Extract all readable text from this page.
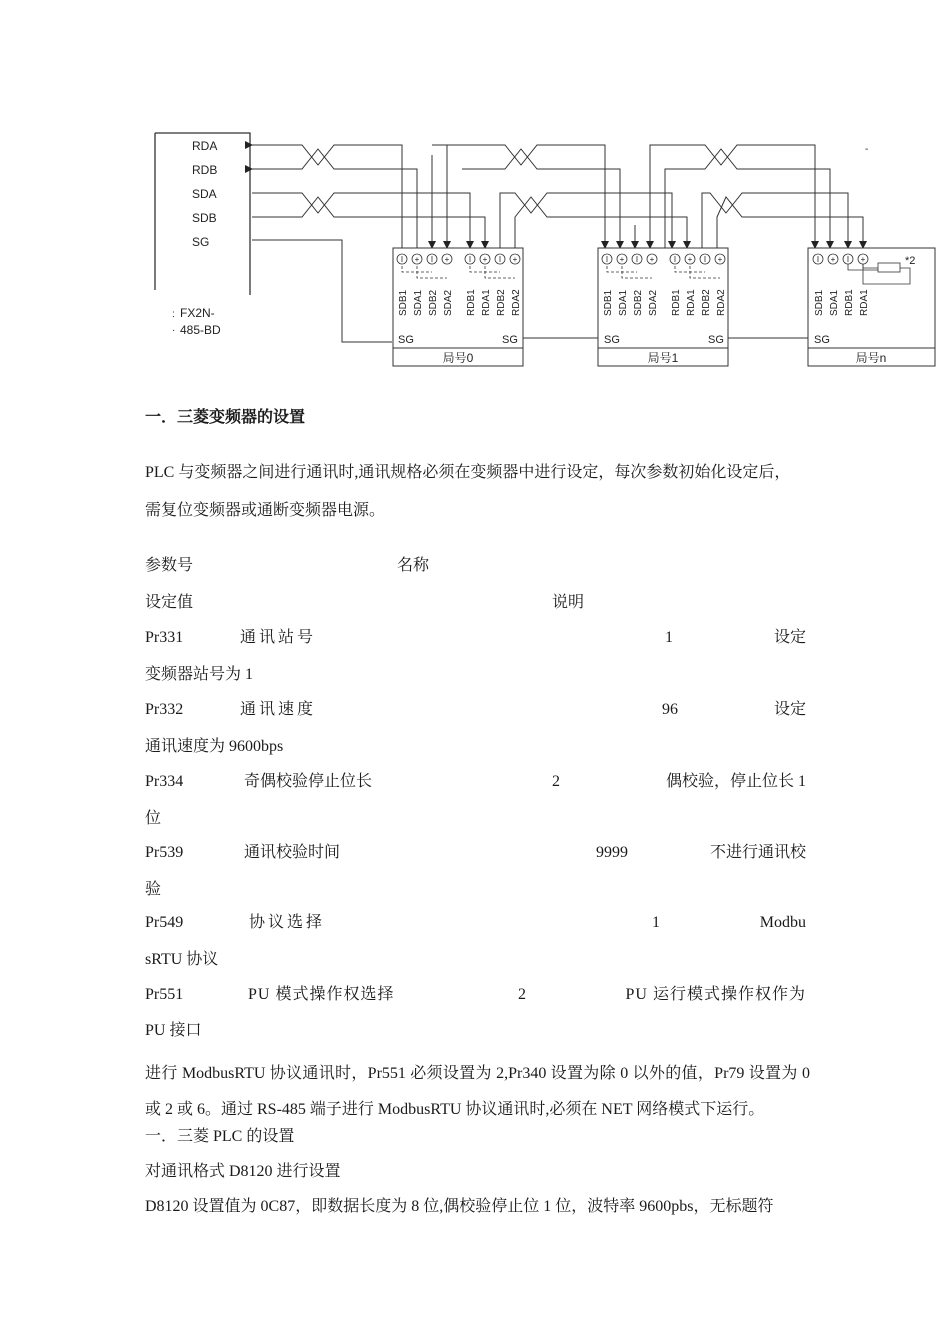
RDA
RDB
SDA
SDB
SG
FX2N-
485-BD
:
·
I + I + I + I +
SDB1 SDA1 SDB2 SDA2 RDB1 RDA1 RDB2 RDA2
SG	SG
局号0
I + I + I + I +
SDB1 SDA1 SDB2 SDA2 RDB1 RDA1 RDB2 RDA2
SG	SG
局号1
I + I +	*2
SDB1 SDA1 RDB1 RDA1
SG
局号n
-
一．三菱变频器的设置
PLC 与变频器之间进行通讯时,通讯规格必须在变频器中进行设定，每次参数初始化设定后，
需复位变频器或通断变频器电源。
参数号	名称
设定值	说明
Pr331	通讯站号	1	设定
变频器站号为 1
Pr332	通讯速度	96	设定
通讯速度为 9600bps
Pr334	奇偶校验停止位长	2	偶校验，停止位长 1
位
Pr539	通讯校验时间	9999	不进行通讯校
验
Pr549	协议选择	1	Modbu
sRTU 协议
Pr551	PU 模式操作权选择	2	PU 运行模式操作权作为
PU 接口
进行 ModbusRTU 协议通讯时，Pr551 必须设置为 2,Pr340 设置为除 0 以外的值，Pr79 设置为 0 或 2 或 6。通过 RS-485 端子进行 ModbusRTU 协议通讯时,必须在 NET 网络模式下运行。
一．三菱 PLC 的设置
对通讯格式 D8120 进行设置
D8120 设置值为 0C87，即数据长度为 8 位,偶校验停止位 1 位，波特率 9600pbs，无标题符
